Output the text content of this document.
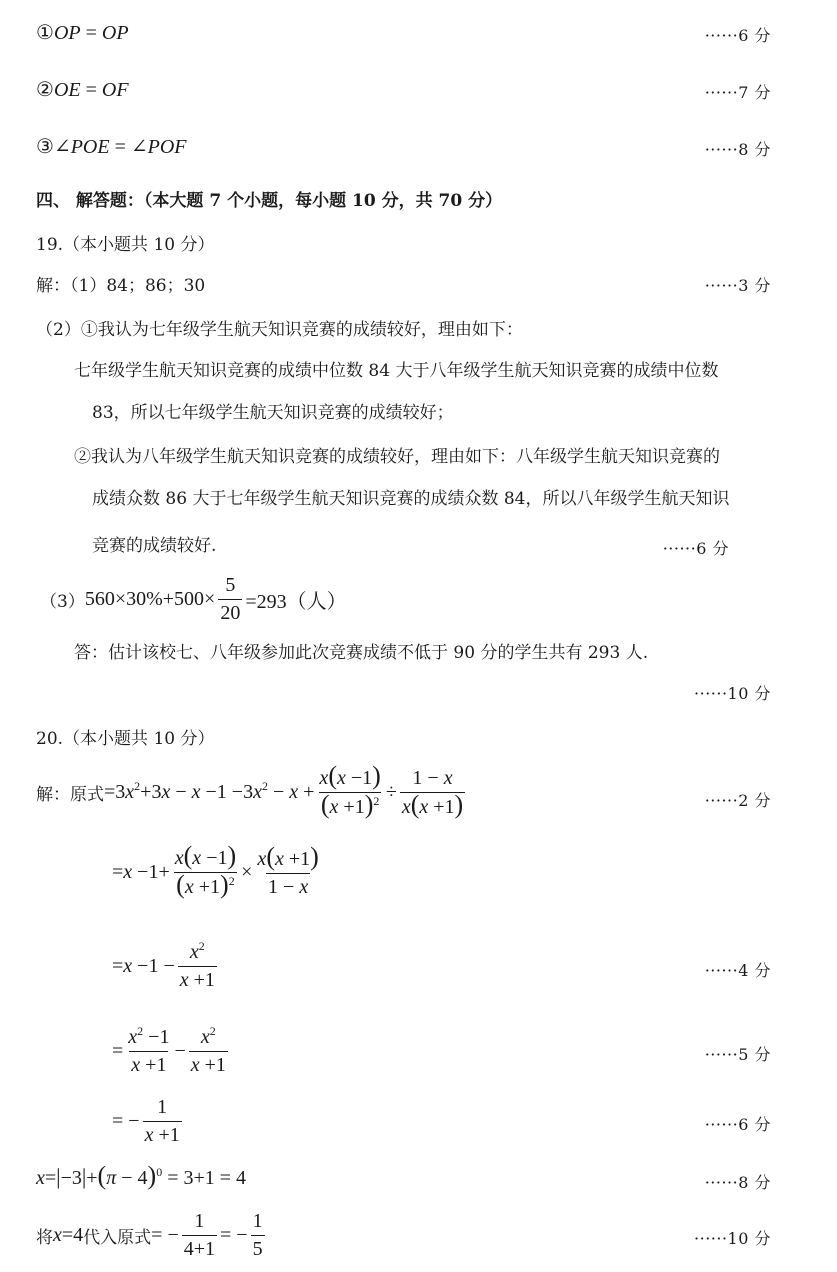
①OP = OP	······6 分
②OE = OF	······7 分
③∠POE = ∠POF	······8 分
四、 解答题：（本大题 7 个小题，每小题 10 分，共 70 分）
19.（本小题共 10 分）
解：（1）84；86；30	······3 分
（2）①我认为七年级学生航天知识竞赛的成绩较好，理由如下：
七年级学生航天知识竞赛的成绩中位数 84 大于八年级学生航天知识竞赛的成绩中位数
83，所以七年级学生航天知识竞赛的成绩较好；
②我认为八年级学生航天知识竞赛的成绩较好，理由如下：八年级学生航天知识竞赛的
成绩众数 86 大于七年级学生航天知识竞赛的成绩众数 84，所以八年级学生航天知识
竞赛的成绩较好.	······6 分
（3） $560\times 30\%+500\times \frac{5}{20} =293$（人）
答：估计该校七、八年级参加此次竞赛成绩不低于 90 分的学生共有 293 人.
······10 分
20.（本小题共 10 分）
解：原式 $=3x^2+3x - x -1 -3x^2 - x + \frac{x(x -1)}{(x +1)^2} \div \frac{1 - x}{x(x +1)}$	······2 分
$=x -1+ \frac{x(x -1)}{(x +1)^2} \times \frac{x(x +1)}{1 - x}$
$=x -1 - \frac{x^2}{x +1}$	······4 分
= $\frac{x^2 -1}{x +1} - \frac{x^2}{x +1}$	······5 分
= − $\frac{1}{x +1}$	······6 分
$x=|-3|+(\pi - 4)^0 = 3+1 = 4$	······8 分
将 x =4 代入原式 = − $\frac{1}{4+1}$ = − $\frac{1}{5}$	······10 分
